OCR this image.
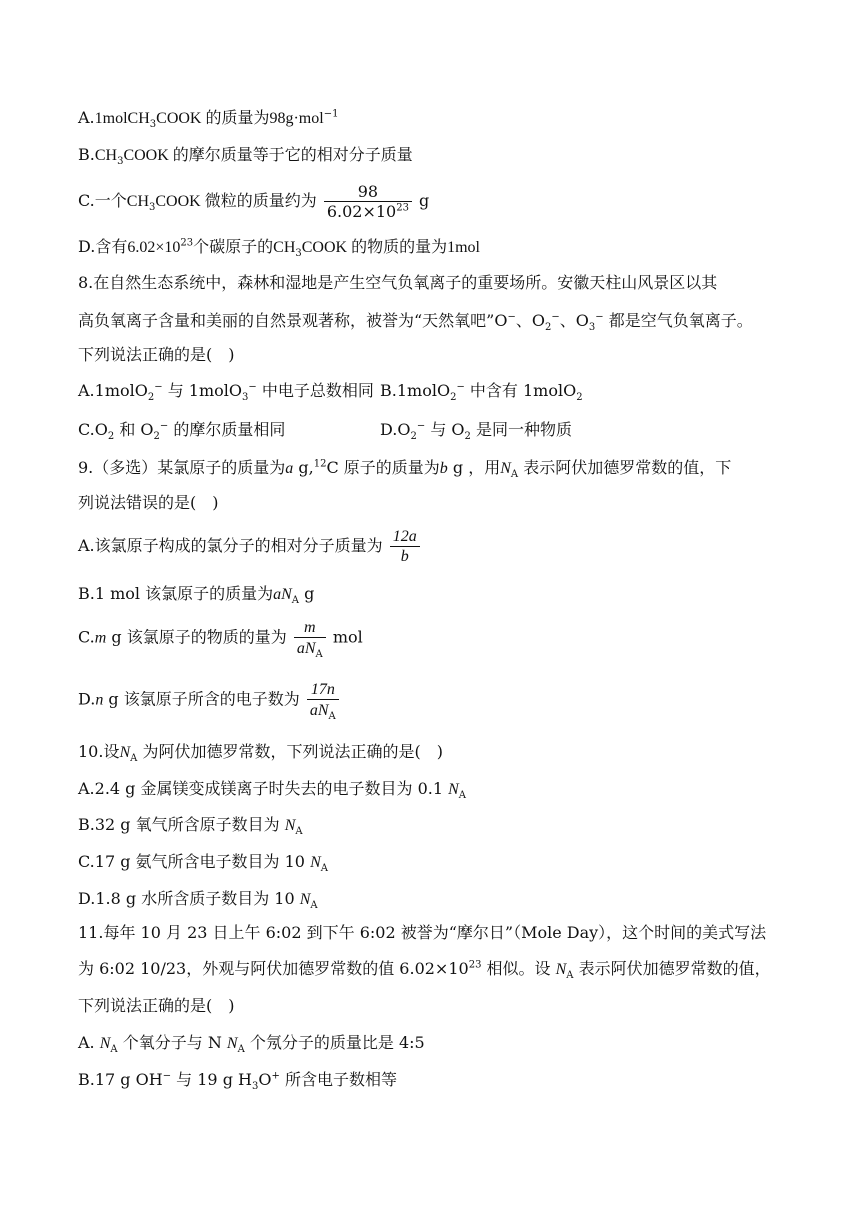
A.1molCH$_3$COOK 的质量为98g·mol$^{-1}$
$B.CH_3COOK$ 的摩尔质量等于它的相对分子质量
C.一个$CH_3COOK$ 微粒的质量约为 $\frac{98}{6.02\times 10^{23}}$ g
D.含有$6.02\times 10^{23}$个碳原子的$CH_3COOK$ 的物质的量为1mol
8.在自然生态系统中，森林和湿地是产生空气负氧离子的重要场所。安徽天柱山风景区以其
高负氧离子含量和美丽的自然景观著称，被誉为“天然氧吧”O−、$O_2^-$、$O_3^-$ 都是空气负氧离子。
下列说法正确的是(　)
A.1molO$_2$− 与 1molO$_3$− 中电子总数相同 B.1molO$_2$− 中含有 1molO$_2$
$C.O_2$ 和 $O_2^-$ 的摩尔质量相同	$D.O_2^-$ 与 $O_2$ 是同一种物质
9.（多选）某氯原子的质量为a g,$^{12}$C 原子的质量为b g ，用$N_A$ 表示阿伏加德罗常数的值，下
列说法错误的是(　)
A.该氯原子构成的氯分子的相对分子质量为 $\frac{12a}{b}$
B.1 mol 该氯原子的质量为$aN_A$ g
C.m g 该氯原子的物质的量为 $\frac{m}{aN_A}$ mol
D.n g 该氯原子所含的电子数为 $\frac{17n}{aN_A}$
10.设$N_A$ 为阿伏加德罗常数，下列说法正确的是(　)
A.2.4 g 金属镁变成镁离子时失去的电子数目为 0.1 $N_A$
B.32 g 氧气所含原子数目为 $N_A$
C.17 g 氨气所含电子数目为 10 $N_A$
D.1.8 g 水所含质子数目为 10 $N_A$
11.每年 10 月 23 日上午 6:02 到下午 6:02 被誉为“摩尔日”（Mole Day），这个时间的美式写法
为 6:02 10/23，外观与阿伏加德罗常数的值 $6.02\times 10^{23}$ 相似。设 $N_A$ 表示阿伏加德罗常数的值，
下列说法正确的是(　)
A. $N_A$ 个氧分子与 N $N_A$ 个氖分子的质量比是 4:5
B.17 g OH− 与 19 g $H_3O^+$ 所含电子数相等
